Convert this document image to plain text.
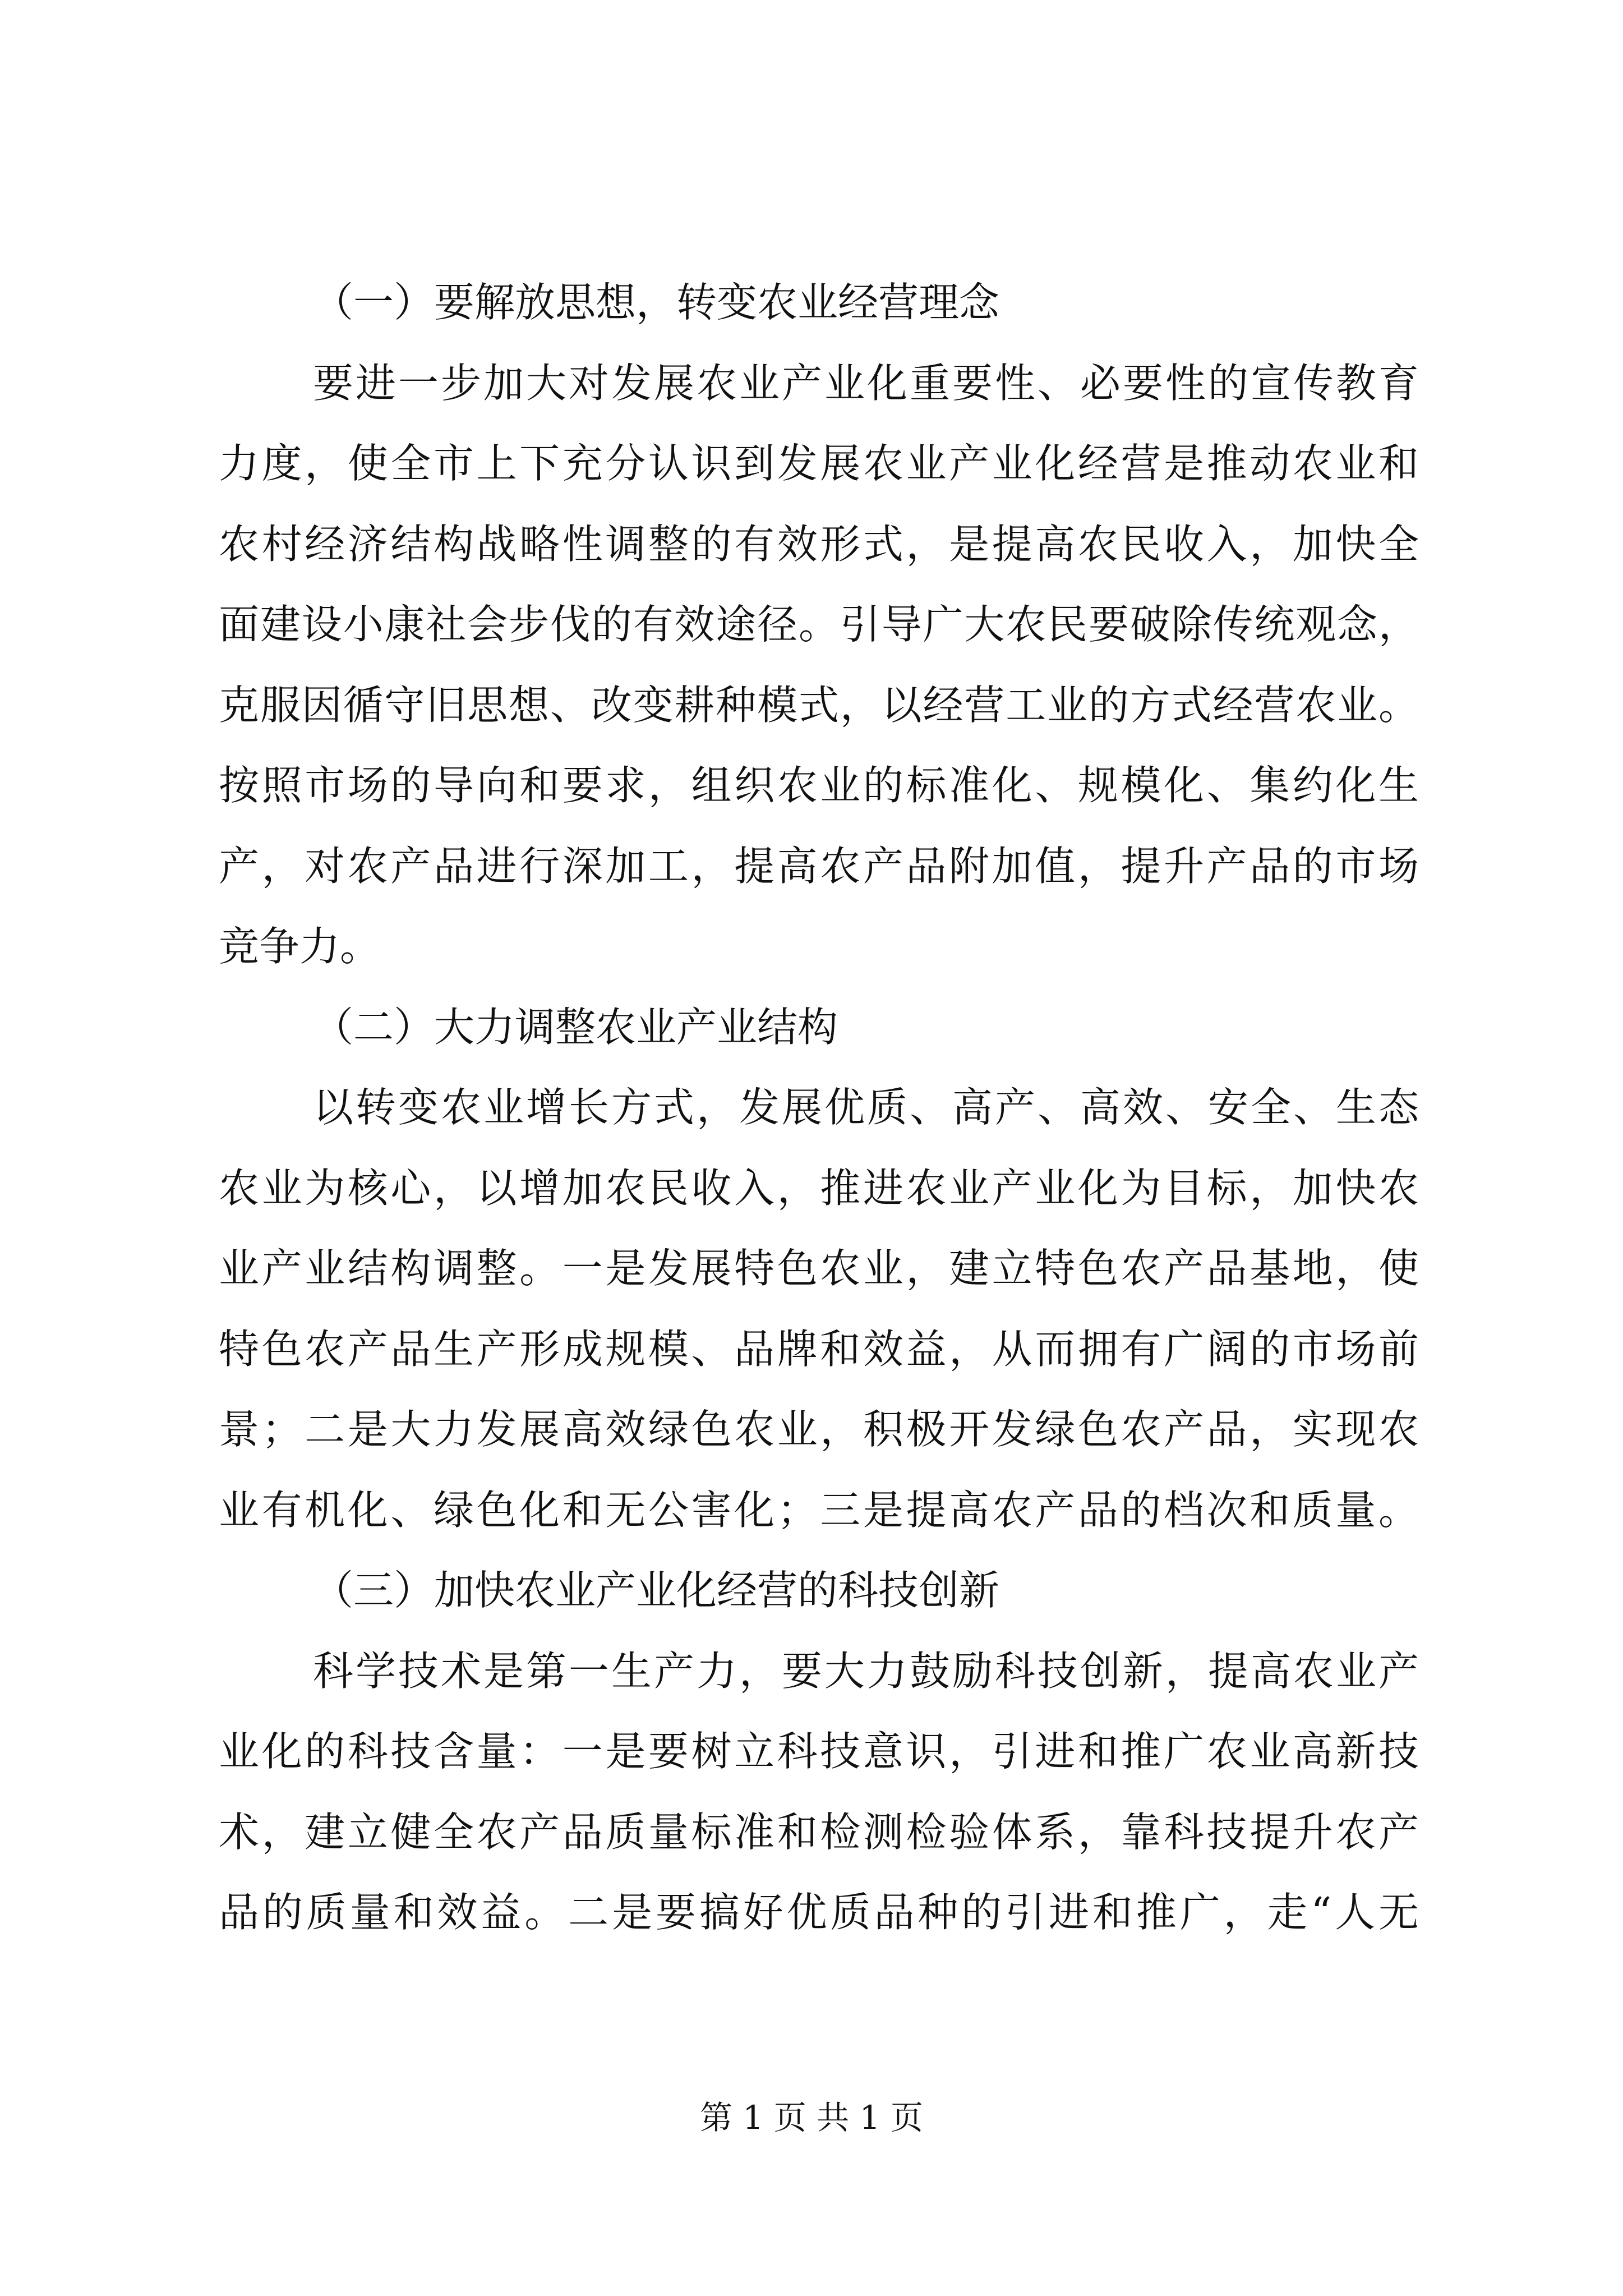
（一）要解放思想，转变农业经营理念
要进一步加大对发展农业产业化重要性、必要性的宣传教育
力度，使全市上下充分认识到发展农业产业化经营是推动农业和
农村经济结构战略性调整的有效形式，是提高农民收入，加快全
面建设小康社会步伐的有效途径。引导广大农民要破除传统观念，
克服因循守旧思想、改变耕种模式，以经营工业的方式经营农业。
按照市场的导向和要求，组织农业的标准化、规模化、集约化生
产，对农产品进行深加工，提高农产品附加值，提升产品的市场
竞争力。
（二）大力调整农业产业结构
以转变农业增长方式，发展优质、高产、高效、安全、生态
农业为核心，以增加农民收入，推进农业产业化为目标，加快农
业产业结构调整。一是发展特色农业，建立特色农产品基地，使
特色农产品生产形成规模、品牌和效益，从而拥有广阔的市场前
景；二是大力发展高效绿色农业，积极开发绿色农产品，实现农
业有机化、绿色化和无公害化；三是提高农产品的档次和质量。
（三）加快农业产业化经营的科技创新
科学技术是第一生产力，要大力鼓励科技创新，提高农业产
业化的科技含量：一是要树立科技意识，引进和推广农业高新技
术，建立健全农产品质量标准和检测检验体系，靠科技提升农产
品的质量和效益。二是要搞好优质品种的引进和推广，走“人无
第 1 页 共 1 页
